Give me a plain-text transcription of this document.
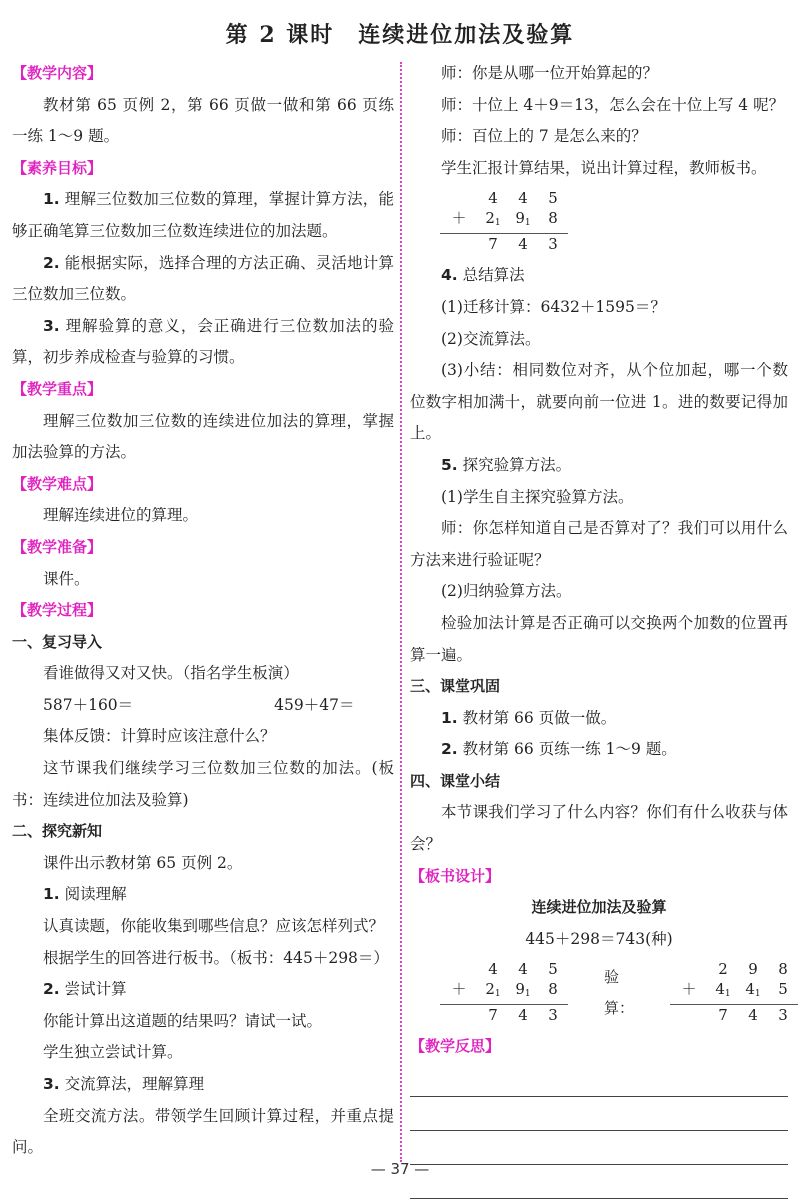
第 2 课时　连续进位加法及验算
【教学内容】
教材第 65 页例 2，第 66 页做一做和第 66 页练一练 1～9 题。
【素养目标】
1. 理解三位数加三位数的算理，掌握计算方法，能够正确笔算三位数加三位数连续进位的加法题。
2. 能根据实际，选择合理的方法正确、灵活地计算三位数加三位数。
3. 理解验算的意义，会正确进行三位数加法的验算，初步养成检查与验算的习惯。
【教学重点】
理解三位数加三位数的连续进位加法的算理，掌握加法验算的方法。
【教学难点】
理解连续进位的算理。
【教学准备】
课件。
【教学过程】
一、复习导入
看谁做得又对又快。（指名学生板演）
587＋160＝	459＋47＝
集体反馈：计算时应该注意什么？
这节课我们继续学习三位数加三位数的加法。(板书：连续进位加法及验算)
二、探究新知
课件出示教材第 65 页例 2。
1. 阅读理解
认真读题，你能收集到哪些信息？应该怎样列式？
根据学生的回答进行板书。（板书：445＋298＝）
2. 尝试计算
你能计算出这道题的结果吗？请试一试。
学生独立尝试计算。
3. 交流算法，理解算理
全班交流方法。带领学生回顾计算过程，并重点提问。
师：你是从哪一位开始算起的？
师：十位上 4＋9＝13，怎么会在十位上写 4 呢？
师：百位上的 7 是怎么来的？
学生汇报计算结果，说出计算过程，教师板书。
4	4	5
＋	$2_1$ $9_1$	8
7	4	3
4. 总结算法
(1)迁移计算：6432＋1595＝？
(2)交流算法。
(3)小结：相同数位对齐，从个位加起，哪一个数位数字相加满十，就要向前一位进 1。进的数要记得加上。
5. 探究验算方法。
(1)学生自主探究验算方法。
师：你怎样知道自己是否算对了？我们可以用什么方法来进行验证呢？
(2)归纳验算方法。
检验加法计算是否正确可以交换两个加数的位置再算一遍。
三、课堂巩固
1. 教材第 66 页做一做。
2. 教材第 66 页练一练 1～9 题。
四、课堂小结
本节课我们学习了什么内容？你们有什么收获与体会？
【板书设计】
连续进位加法及验算
445＋298＝743(种)
4	4	5
＋	$2_1$ $9_1$	8
7	4	3
验算：
2	9	8
＋	$4_1$ $4_1$	5
7	4	3
【教学反思】
— 37 —
